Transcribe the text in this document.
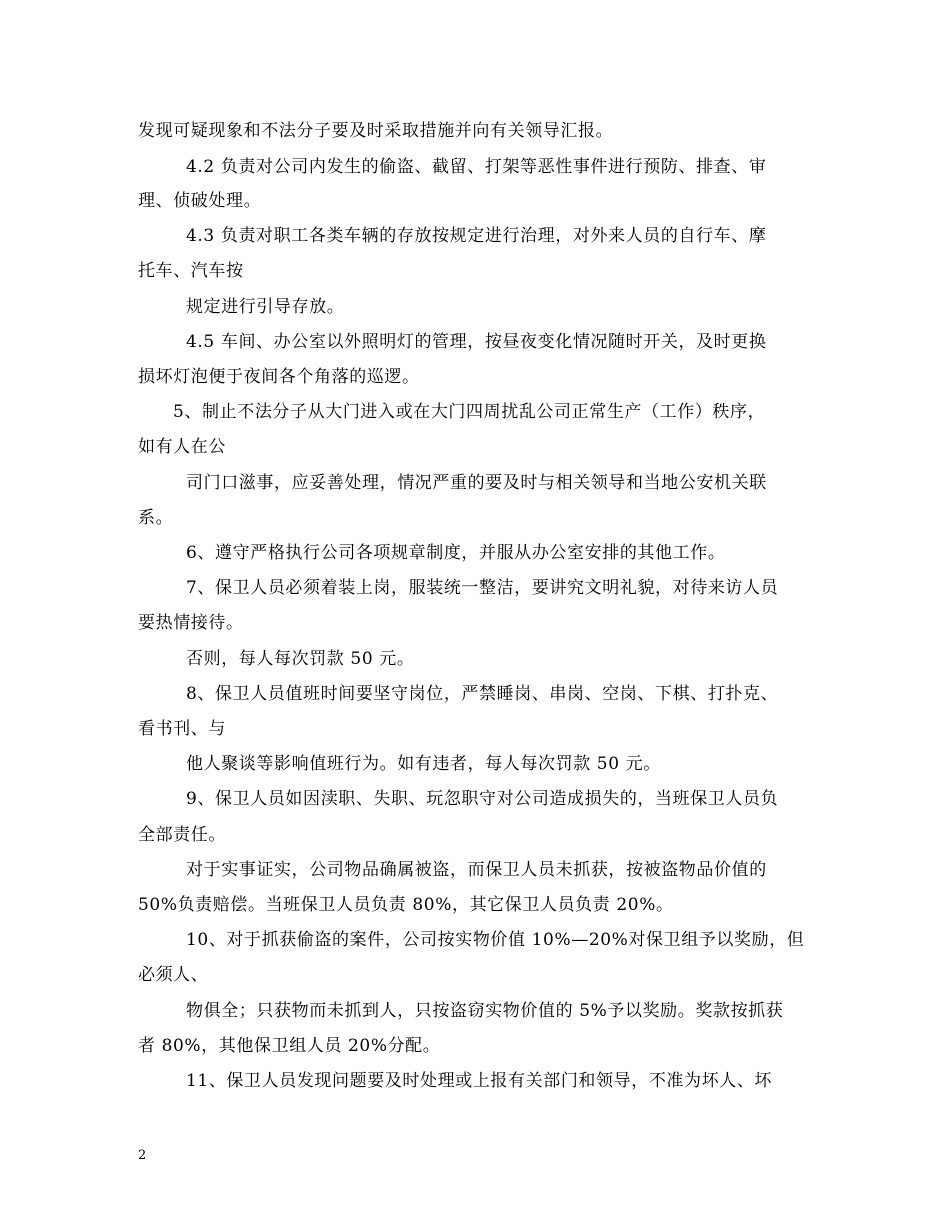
发现可疑现象和不法分子要及时采取措施并向有关领导汇报。
4.2 负责对公司内发生的偷盗、截留、打架等恶性事件进行预防、排查、审
理、侦破处理。
4.3 负责对职工各类车辆的存放按规定进行治理，对外来人员的自行车、摩
托车、汽车按
规定进行引导存放。
4.5 车间、办公室以外照明灯的管理，按昼夜变化情况随时开关，及时更换
损坏灯泡便于夜间各个角落的巡逻。
5、制止不法分子从大门进入或在大门四周扰乱公司正常生产（工作）秩序，
如有人在公
司门口滋事，应妥善处理，情况严重的要及时与相关领导和当地公安机关联
系。
6、遵守严格执行公司各项规章制度，并服从办公室安排的其他工作。
7、保卫人员必须着装上岗，服装统一整洁，要讲究文明礼貌，对待来访人员
要热情接待。
否则，每人每次罚款 50 元。
8、保卫人员值班时间要坚守岗位，严禁睡岗、串岗、空岗、下棋、打扑克、
看书刊、与
他人聚谈等影响值班行为。如有违者，每人每次罚款 50 元。
9、保卫人员如因渎职、失职、玩忽职守对公司造成损失的，当班保卫人员负
全部责任。
对于实事证实，公司物品确属被盗，而保卫人员未抓获，按被盗物品价值的
50%负责赔偿。当班保卫人员负责 80%，其它保卫人员负责 20%。
10、对于抓获偷盗的案件，公司按实物价值 10%—20%对保卫组予以奖励，但
必须人、
物俱全；只获物而未抓到人，只按盗窃实物价值的 5%予以奖励。奖款按抓获
者 80%，其他保卫组人员 20%分配。
11、保卫人员发现问题要及时处理或上报有关部门和领导，不准为坏人、坏
2
